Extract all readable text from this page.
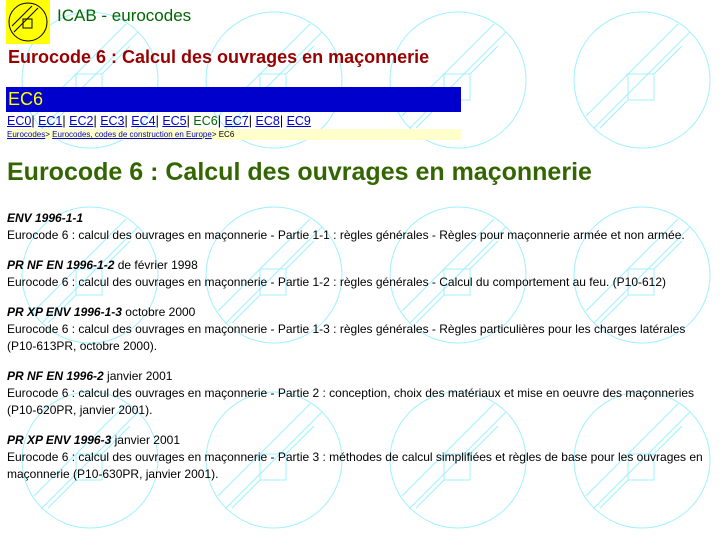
ICAB - eurocodes
Eurocode 6 : Calcul des ouvrages en maçonnerie
EC6
EC0| EC1| EC2| EC3| EC4| EC5| EC6| EC7| EC8| EC9
Eurocodes> Eurocodes, codes de construction en Europe> EC6
Eurocode 6 : Calcul des ouvrages en maçonnerie
ENV 1996-1-1
Eurocode 6 : calcul des ouvrages en maçonnerie - Partie 1-1 : règles générales - Règles pour maçonnerie armée et non armée.
PR NF EN 1996-1-2 de février 1998
Eurocode 6 : calcul des ouvrages en maçonnerie - Partie 1-2 : règles générales - Calcul du comportement au feu. (P10-612)
PR XP ENV 1996-1-3 octobre 2000
Eurocode 6 : calcul des ouvrages en maçonnerie - Partie 1-3 : règles générales - Règles particulières pour les charges latérales (P10-613PR, octobre 2000).
PR NF EN 1996-2 janvier 2001
Eurocode 6 : calcul des ouvrages en maçonnerie - Partie 2 : conception, choix des matériaux et mise en oeuvre des maçonneries (P10-620PR, janvier 2001).
PR XP ENV 1996-3 janvier 2001
Eurocode 6 : calcul des ouvrages en maçonnerie - Partie 3 : méthodes de calcul simplifiées et règles de base pour les ouvrages en maçonnerie (P10-630PR, janvier 2001).
